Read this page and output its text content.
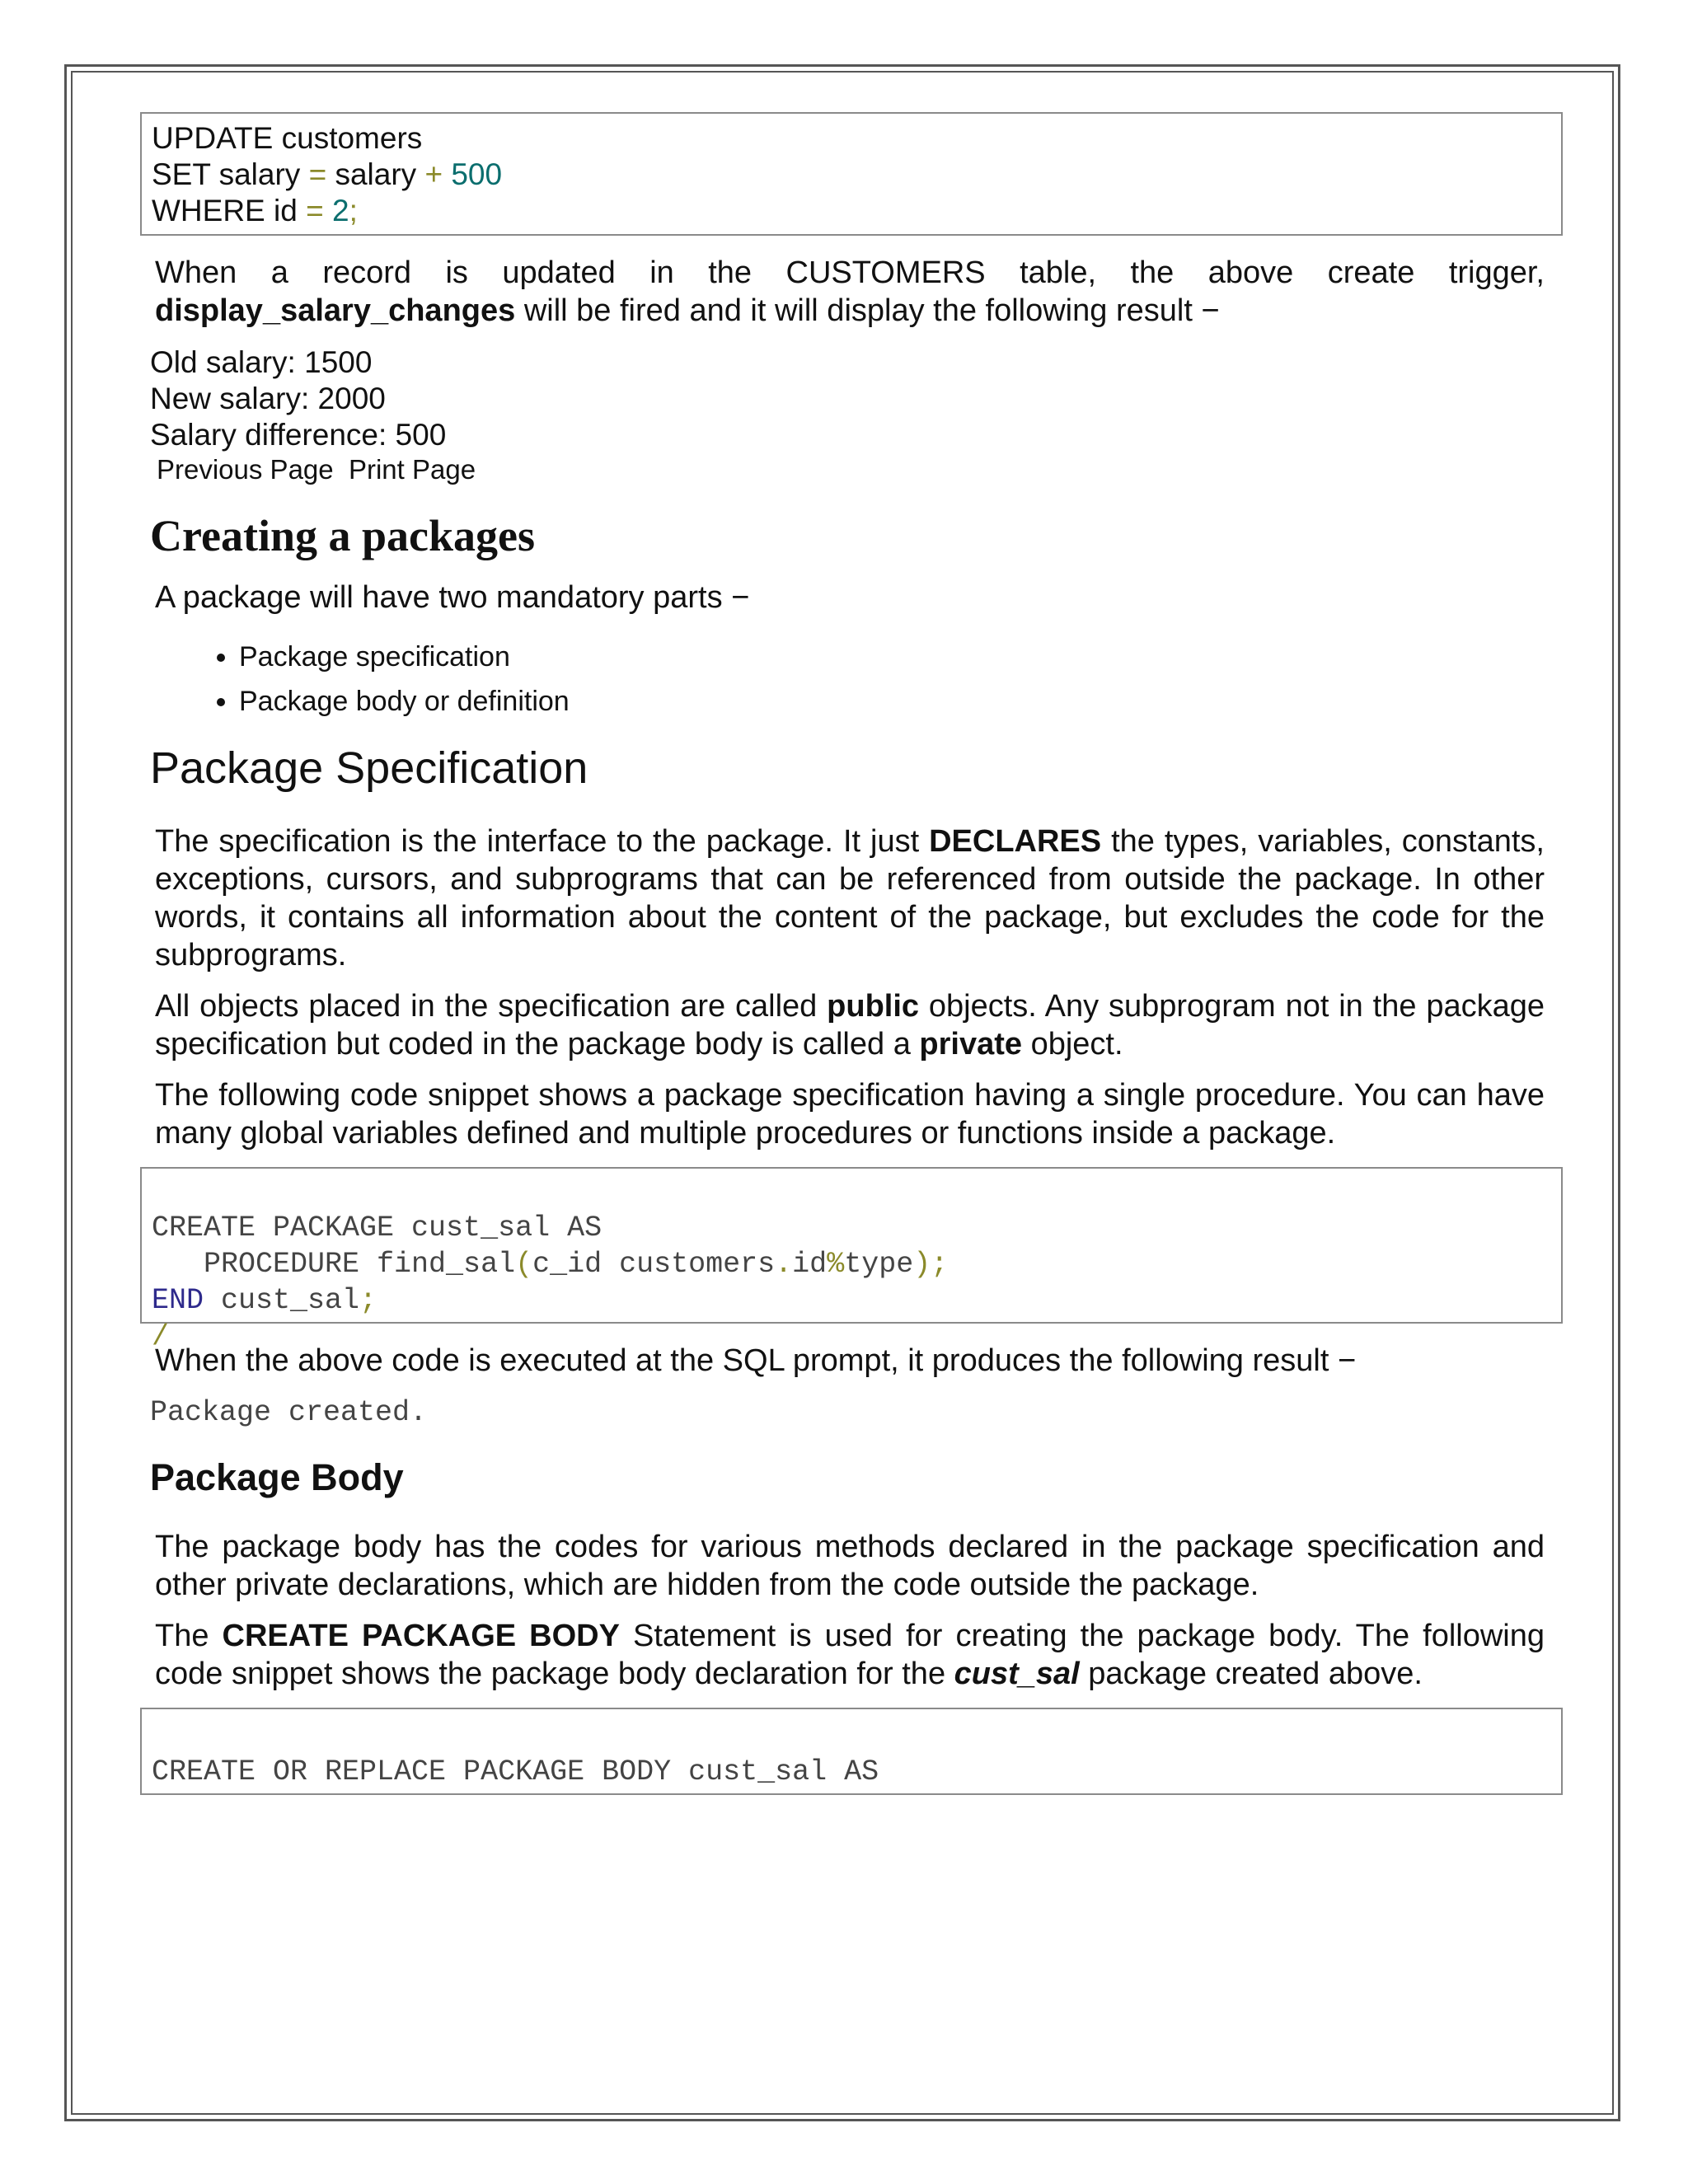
UPDATE customers
SET salary = salary + 500
WHERE id = 2;

When a record is updated in the CUSTOMERS table, the above create trigger, display_salary_changes will be fired and it will display the following result −

Old salary: 1500
New salary: 2000
Salary difference: 500
Previous Page  Print Page
Creating a packages

A package will have two mandatory parts −

• Package specification
• Package body or definition
Package Specification

The specification is the interface to the package. It just DECLARES the types, variables, constants, exceptions, cursors, and subprograms that can be referenced from outside the package. In other words, it contains all information about the content of the package, but excludes the code for the subprograms.

All objects placed in the specification are called public objects. Any subprogram not in the package specification but coded in the package body is called a private object.

The following code snippet shows a package specification having a single procedure. You can have many global variables defined and multiple procedures or functions inside a package.

CREATE PACKAGE cust_sal AS
PROCEDURE find_sal(c_id customers.id%type);
END cust_sal;
/

When the above code is executed at the SQL prompt, it produces the following result −

Package created.
Package Body

The package body has the codes for various methods declared in the package specification and other private declarations, which are hidden from the code outside the package.

The CREATE PACKAGE BODY Statement is used for creating the package body. The following code snippet shows the package body declaration for the cust_sal package created above.

CREATE OR REPLACE PACKAGE BODY cust_sal AS
